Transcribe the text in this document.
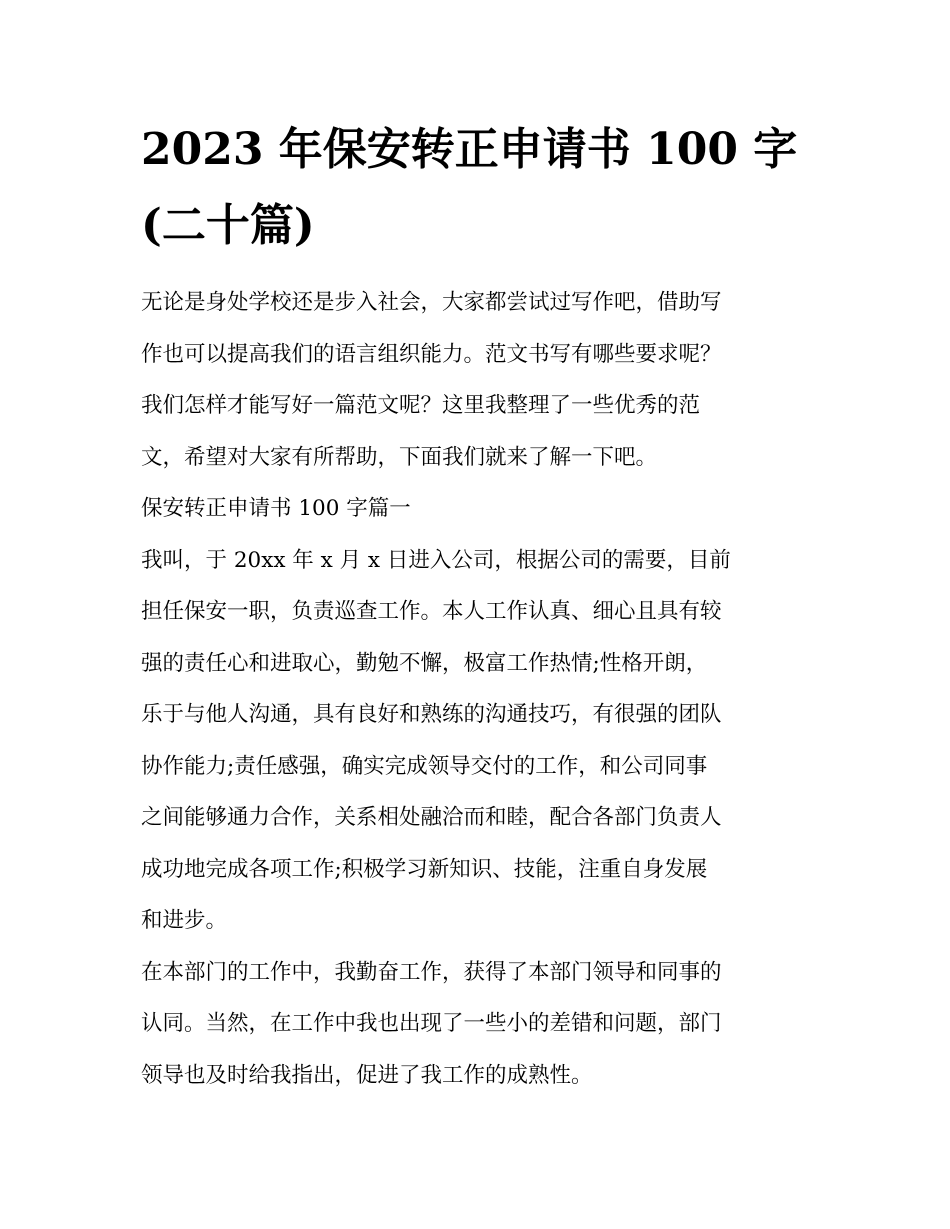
2023 年保安转正申请书 100 字
(二十篇)
无论是身处学校还是步入社会，大家都尝试过写作吧，借助写
作也可以提高我们的语言组织能力。范文书写有哪些要求呢？
我们怎样才能写好一篇范文呢？这里我整理了一些优秀的范
文，希望对大家有所帮助，下面我们就来了解一下吧。
保安转正申请书 100 字篇一
我叫，于 20xx 年 x 月 x 日进入公司，根据公司的需要，目前
担任保安一职，负责巡查工作。本人工作认真、细心且具有较
强的责任心和进取心，勤勉不懈，极富工作热情;性格开朗，
乐于与他人沟通，具有良好和熟练的沟通技巧，有很强的团队
协作能力;责任感强，确实完成领导交付的工作，和公司同事
之间能够通力合作，关系相处融洽而和睦，配合各部门负责人
成功地完成各项工作;积极学习新知识、技能，注重自身发展
和进步。
在本部门的工作中，我勤奋工作，获得了本部门领导和同事的
认同。当然，在工作中我也出现了一些小的差错和问题，部门
领导也及时给我指出，促进了我工作的成熟性。
